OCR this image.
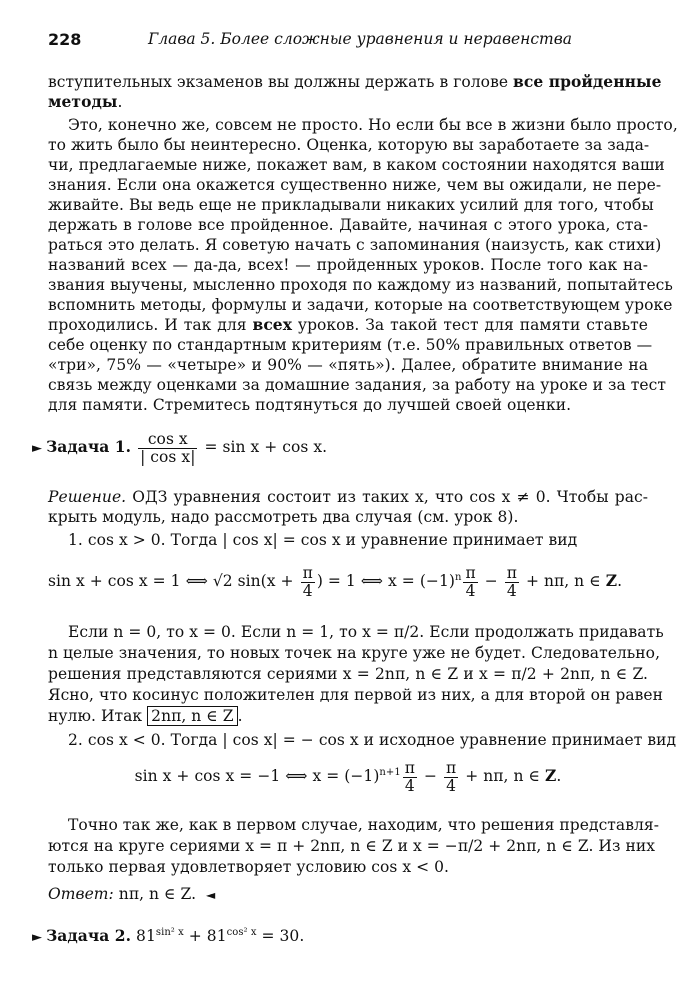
228	Глава 5. Более сложные уравнения и неравенства
вступительных экзаменов вы должны держать в голове все пройденные
методы.
Это, конечно же, совсем не просто. Но если бы все в жизни было просто,
то жить было бы неинтересно. Оценка, которую вы заработаете за зада-
чи, предлагаемые ниже, покажет вам, в каком состоянии находятся ваши
знания. Если она окажется существенно ниже, чем вы ожидали, не пере-
живайте. Вы ведь еще не прикладывали никаких усилий для того, чтобы
держать в голове все пройденное. Давайте, начиная с этого урока, ста-
раться это делать. Я советую начать с запоминания (наизусть, как стихи)
названий всех — да-да, всех! — пройденных уроков. После того как на-
звания выучены, мысленно проходя по каждому из названий, попытайтесь
вспомнить методы, формулы и задачи, которые на соответствующем уроке
проходились. И так для всех уроков. За такой тест для памяти ставьте
себе оценку по стандартным критериям (т.е. 50% правильных ответов —
«три», 75% — «четыре» и 90% — «пять»). Далее, обратите внимание на
связь между оценками за домашние задания, за работу на уроке и за тест
для памяти. Стремитесь подтянуться до лучшей своей оценки.
► Задача 1. $\frac{\text{cos x}}{\text{| cos x|}} = \sin x + \cos x$.
Решение. ОДЗ уравнения состоит из таких x, что cos x ≠ 0. Чтобы рас-
крыть модуль, надо рассмотреть два случая (см. урок 8).
1. cos x > 0. Тогда | cos x| = cos x и уравнение принимает вид
sin x + cos x = 1 ⟺ √2 $\sin(x + \frac{\pi}{4}$ ) = 1 ⟺ $x = (-1)^n \frac{\pi}{4} - \frac{\pi}{4} + n\pi$, n ∈ Z.
Если n = 0, то x = 0. Если n = 1, то x = π/2. Если продолжать придавать
n целые значения, то новых точек на круге уже не будет. Следовательно,
решения представляются сериями x = 2nπ, n ∈ Z и x = π/2 + 2nπ, n ∈ Z.
Ясно, что косинус положителен для первой из них, а для второй он равен
нулю. Итак 2nπ, n ∈ Z .
2. cos x < 0. Тогда | cos x| = − cos x и исходное уравнение принимает вид
sin x + cos x = −1 ⟺ $x = (-1)^{n+1} \frac{\pi}{4} - \frac{\pi}{4} + n\pi$, n ∈ Z.
Точно так же, как в первом случае, находим, что решения представля-
ются на круге сериями x = π + 2nπ, n ∈ Z и x = −π/2 + 2nπ, n ∈ Z. Из них
только первая удовлетворяет условию cos x < 0.
Ответ: nπ, n ∈ Z. ◄
► Задача 2. $81^{sin^2 x} + 81^{cos^2 x} = 30$.
